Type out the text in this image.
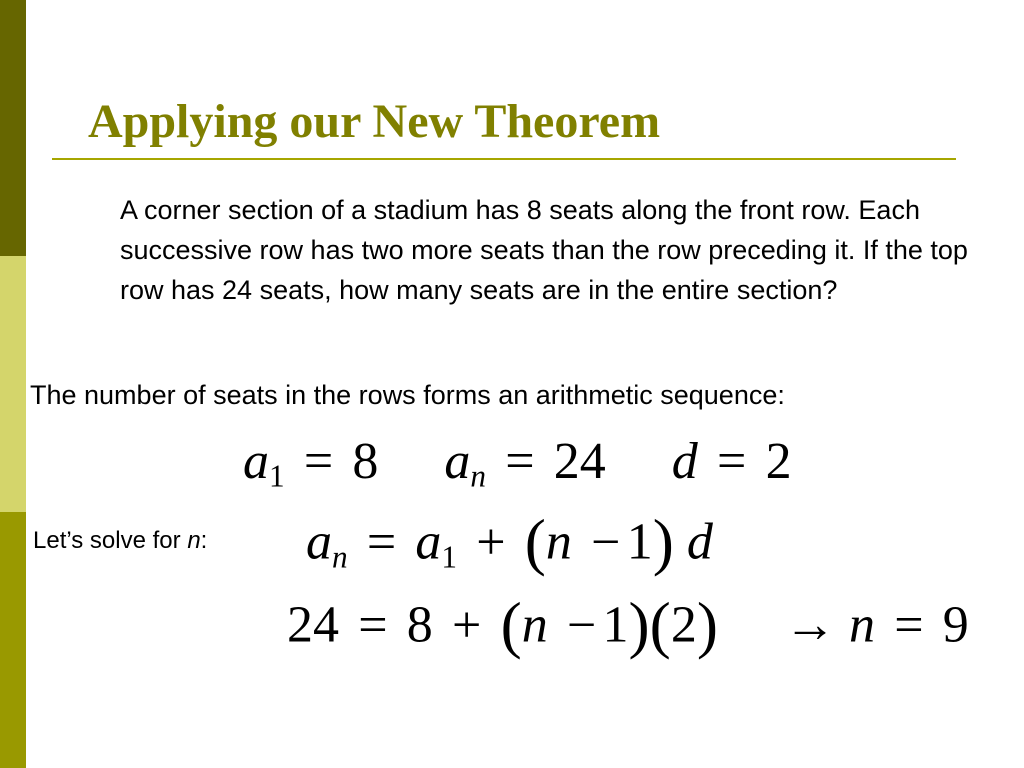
Applying our New Theorem

A corner section of a stadium has 8 seats along the front row. Each successive row has two more seats than the row preceding it. If the top row has 24 seats, how many seats are in the entire section?

The number of seats in the rows forms an arithmetic sequence:

Let’s solve for n:

$a_1 = 8$ $a_n = 24$ d = 2
$a_n = a_1 + (n - 1)$ d
24 = 8 + (n − 1)(2) → n = 9
